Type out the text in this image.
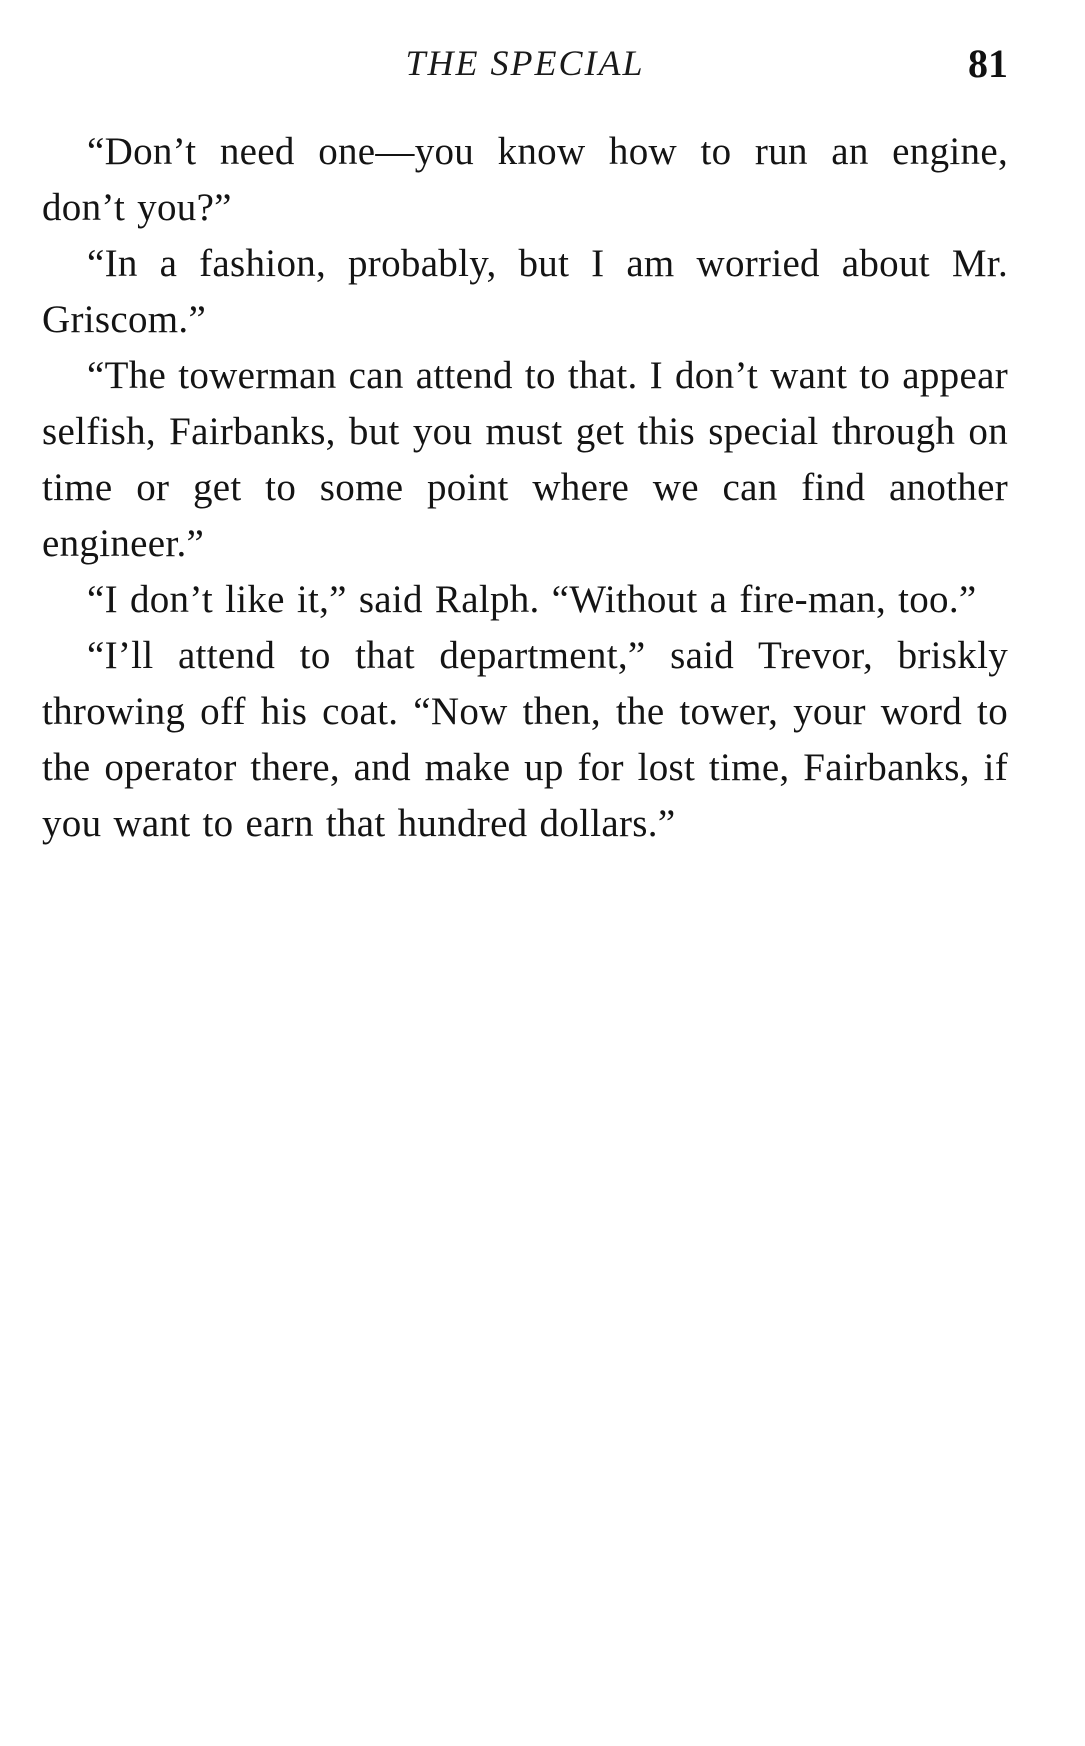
THE SPECIAL	81

“Don’t need one—you know how to run an engine, don’t you?”

“In a fashion, probably, but I am worried about Mr. Griscom.”

“The towerman can attend to that. I don’t want to appear selfish, Fairbanks, but you must get this special through on time or get to some point where we can find another engineer.”

“I don’t like it,” said Ralph. “Without a fire-man, too.”

“I’ll attend to that department,” said Trevor, briskly throwing off his coat. “Now then, the tower, your word to the operator there, and make up for lost time, Fairbanks, if you want to earn that hundred dollars.”
